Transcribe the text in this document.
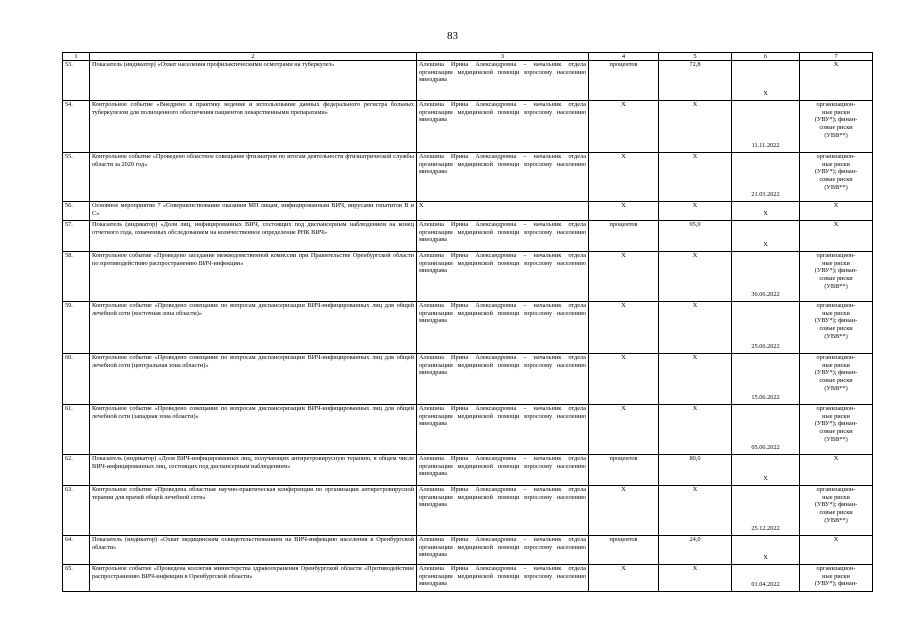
83
1	2	3	4	5	6	7
53.	Показатель (индикатор) «Охват населения профилактическими осмотрами на туберкулез»	Алешина Ирина Александровна – начальник отдела организации медицинской помощи взрослому населению минздрава	процентов	72,8	X	X
54.	Контрольное событие «Внедрено в практику ведение и использование данных федерального регистра больных туберкулезом для полноценного обеспечения пациентов лекарственными препаратами»	Алешина Ирина Александровна – начальник отдела организации медицинской помощи взрослому населению минздрава	X	X	11.11.2022	организацион-
ные риски
(УВУ*); финан-
совые риски
(УВВ**)

55.	Контрольное событие «Проведено областное совещание фтизиатров по итогам деятельности фтизиатрической службы области за 2020 год»	Алешина Ирина Александровна – начальник отдела организации медицинской помощи взрослому населению минздрава	X	X	21.03.2022	организацион-
ные риски
(УВУ*); финан-
совые риски
(УВВ**)

56.	Основное мероприятие 7 «Совершенствование оказания МП лицам, инфицированным ВИЧ, вирусами гепатитов В и С»	X	X	X	X	X
57.	Показатель (индикатор) «Доля лиц, инфицированных ВИЧ, состоящих под диспансерным наблюдением на конец отчетного года, охваченных обследованием на количественное определение РНК ВИЧ»	Алешина Ирина Александровна – начальник отдела организации медицинской помощи взрослому населению минздрава	процентов	95,0	X	X
58.	Контрольное событие «Проведено заседание межведомственной комиссии при Правительстве Оренбургской области по противодействию распространению ВИЧ-инфекции»	Алешина Ирина Александровна – начальник отдела организации медицинской помощи взрослому населению минздрава	X	X	30.06.2022	организацион-
ные риски
(УВУ*); финан-
совые риски
(УВВ**)

59.	Контрольное событие «Проведено совещание по вопросам диспансеризации ВИЧ-инфицированных лиц для общей лечебной сети (восточная зона области)»	Алешина Ирина Александровна – начальник отдела организации медицинской помощи взрослому населению минздрава	X	X	25.06.2022	организацион-
ные риски
(УВУ*); финан-
совые риски
(УВВ**)

60.	Контрольное событие «Проведено совещание по вопросам диспансеризации ВИЧ-инфицированных лиц для общей лечебной сети (центральная зона области)»	Алешина Ирина Александровна – начальник отдела организации медицинской помощи взрослому населению минздрава	X	X	15.06.2022	организацион-
ные риски
(УВУ*); финан-
совые риски
(УВВ**)

61.	Контрольное событие «Проведено совещание по вопросам диспансеризации ВИЧ-инфицированных лиц для общей лечебной сети (западная зона области)»	Алешина Ирина Александровна – начальник отдела организации медицинской помощи взрослому населению минздрава	X	X	05.06.2022	организацион-
ные риски
(УВУ*); финан-
совые риски
(УВВ**)

62.	Показатель (индикатор) «Доля ВИЧ-инфицированных лиц, получающих антиретровирусную терапию, в общем числе ВИЧ-инфицированных лиц, состоящих под диспансерным наблюдением»	Алешина Ирина Александровна – начальник отдела организации медицинской помощи взрослому населению минздрава	процентов	80,0	X	X
63.	Контрольное событие «Проведена областная научно-практическая конференция по организации антиретровирусной терапии для врачей общей лечебной сети»	Алешина Ирина Александровна – начальник отдела организации медицинской помощи взрослому населению минздрава	X	X	25.12.2022	организацион-
ные риски
(УВУ*); финан-
совые риски
(УВВ**)

64.	Показатель (индикатор) «Охват медицинским освидетельствованием на ВИЧ-инфекцию населения в Оренбургской области»	Алешина Ирина Александровна – начальник отдела организации медицинской помощи взрослому населению минздрава	процентов	24,0	X	X
65.	Контрольное событие «Проведена коллегия министерства здравоохранения Оренбургской области «Противодействие распространению ВИЧ-инфекции в Оренбургской области»	Алешина Ирина Александровна – начальник отдела организации медицинской помощи взрослому населению минздрава	X	X	01.04.2022	организацион-
ные риски
(УВУ*); финан-
